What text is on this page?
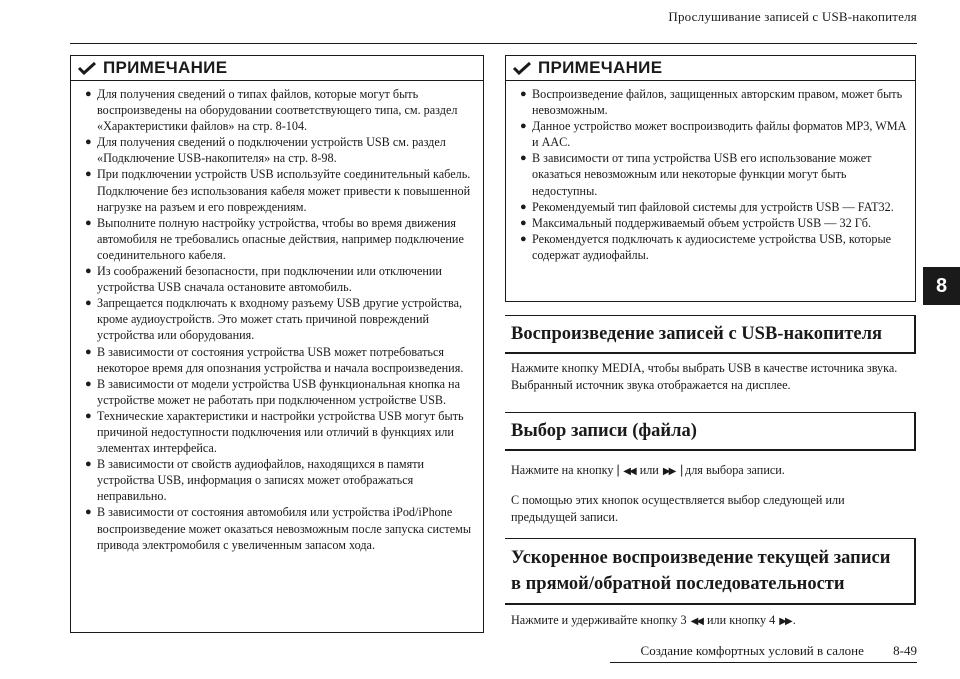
Прослушивание записей с USB-накопителя
8
ПРИМЕЧАНИЕ
● Для получения сведений о типах файлов, которые могут быть воспроизведены на оборудовании соответствующего типа, см. раздел «Характеристики файлов» на стр. 8-104.
● Для получения сведений о подключении устройств USB см. раздел «Подключение USB-накопителя» на стр. 8-98.
● При подключении устройств USB используйте соединительный кабель. Подключение без использования кабеля может привести к повышенной нагрузке на разъем и его повреждениям.
● Выполните полную настройку устройства, чтобы во время движения автомобиля не требовались опасные действия, например подключение соединительного кабеля.
● Из соображений безопасности, при подключении или отключении устройства USB сначала остановите автомобиль.
● Запрещается подключать к входному разъему USB другие устройства, кроме аудиоустройств. Это может стать причиной повреждений устройства или оборудования.
● В зависимости от состояния устройства USB может потребоваться некоторое время для опознания устройства и начала воспроизведения.
● В зависимости от модели устройства USB функциональная кнопка на устройстве может не работать при подключенном устройстве USB.
● Технические характеристики и настройки устройства USB могут быть причиной недоступности подключения или отличий в функциях или элементах интерфейса.
● В зависимости от свойств аудиофайлов, находящихся в памяти устройства USB, информация о записях может отображаться неправильно.
● В зависимости от состояния автомобиля или устройства iPod/iPhone воспроизведение может оказаться невозможным после запуска системы привода электромобиля с увеличенным запасом хода.
ПРИМЕЧАНИЕ
● Воспроизведение файлов, защищенных авторским правом, может быть невозможным.
● Данное устройство может воспроизводить файлы форматов MP3, WMA и AAC.
● В зависимости от типа устройства USB его использование может оказаться невозможным или некоторые функции могут быть недоступны.
● Рекомендуемый тип файловой системы для устройств USB — FAT32.
● Максимальный поддерживаемый объем устройств USB — 32 Гб.
● Рекомендуется подключать к аудиосистеме устройства USB, которые содержат аудиофайлы.
Воспроизведение записей с USB-накопителя
Нажмите кнопку MEDIA, чтобы выбрать USB в качестве источника звука. Выбранный источник звука отображается на дисплее.
Выбор записи (файла)
Нажмите на кнопку ▏◀◀ или ▶▶▕ для выбора записи.
С помощью этих кнопок осуществляется выбор следующей или предыдущей записи.
Ускоренное воспроизведение текущей записи
в прямой/обратной последовательности
Нажмите и удерживайте кнопку 3 ◀◀ или кнопку 4 ▶▶ .
Создание комфортных условий в салоне 8-49
